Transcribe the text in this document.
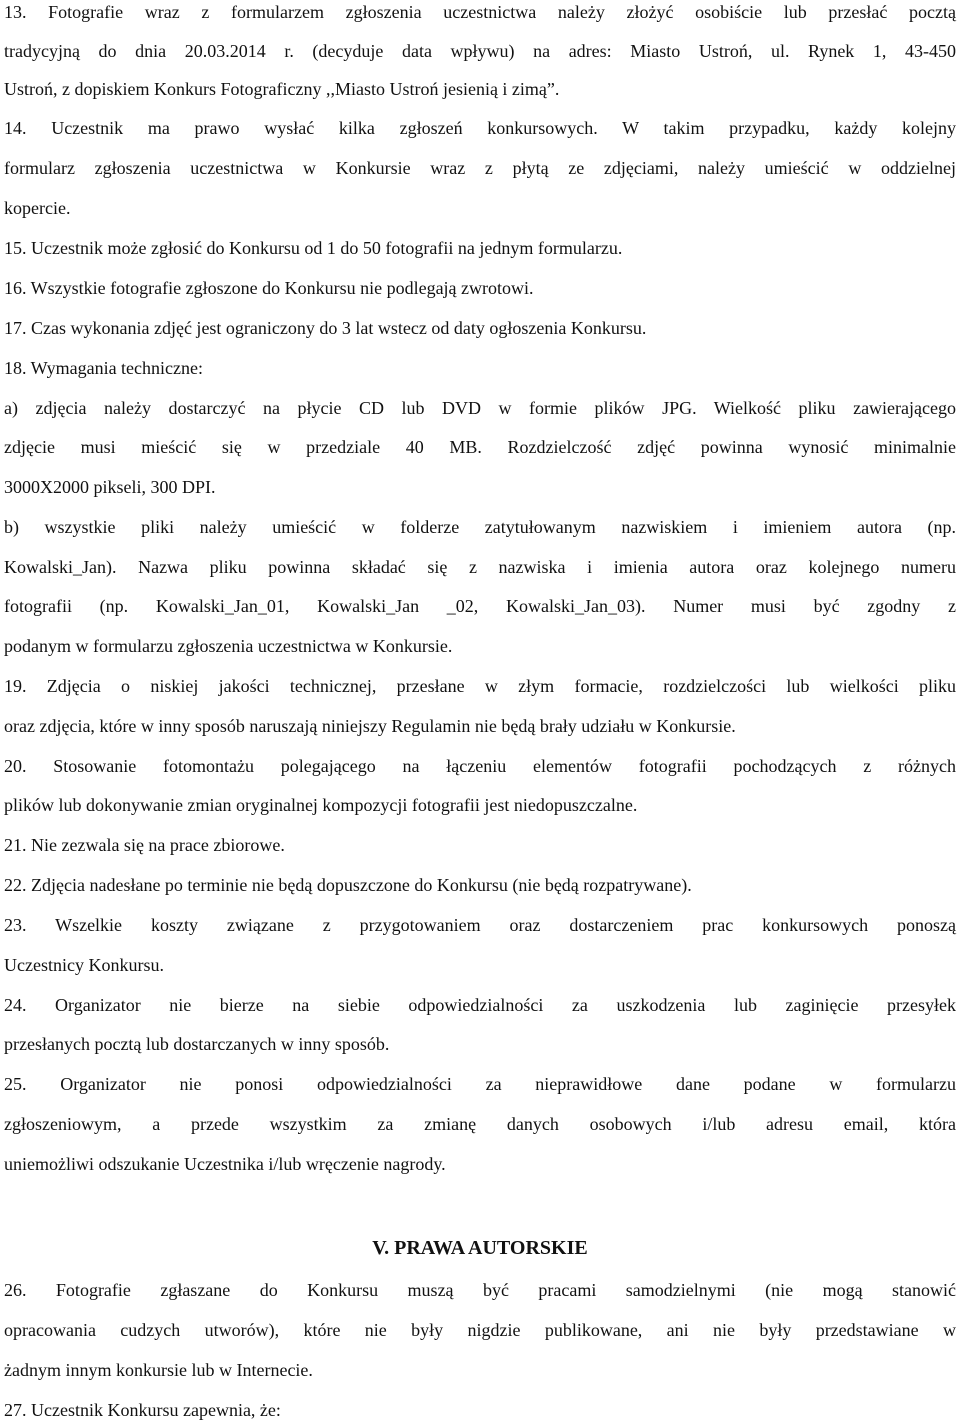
13. Fotografie wraz z formularzem zgłoszenia uczestnictwa należy złożyć osobiście lub przesłać pocztą

tradycyjną do dnia 20.03.2014 r. (decyduje data wpływu) na adres: Miasto Ustroń, ul. Rynek 1, 43-450

Ustroń, z dopiskiem Konkurs Fotograficzny ,,Miasto Ustroń jesienią i zimą”.

14. Uczestnik ma prawo wysłać kilka zgłoszeń konkursowych. W takim przypadku, każdy kolejny

formularz zgłoszenia uczestnictwa w Konkursie wraz z płytą ze zdjęciami, należy umieścić w oddzielnej

kopercie.

15. Uczestnik może zgłosić do Konkursu od 1 do 50 fotografii na jednym formularzu.

16. Wszystkie fotografie zgłoszone do Konkursu nie podlegają zwrotowi.

17. Czas wykonania zdjęć jest ograniczony do 3 lat wstecz od daty ogłoszenia Konkursu.

18. Wymagania techniczne:

a) zdjęcia należy dostarczyć na płycie CD lub DVD w formie plików JPG. Wielkość pliku zawierającego

zdjęcie musi mieścić się w przedziale 40 MB. Rozdzielczość zdjęć powinna wynosić minimalnie

3000X2000 pikseli, 300 DPI.

b) wszystkie pliki należy umieścić w folderze zatytułowanym nazwiskiem i imieniem autora (np.

Kowalski_Jan). Nazwa pliku powinna składać się z nazwiska i imienia autora oraz kolejnego numeru

fotografii (np. Kowalski_Jan_01, Kowalski_Jan _02, Kowalski_Jan_03). Numer musi być zgodny z

podanym w formularzu zgłoszenia uczestnictwa w Konkursie.

19. Zdjęcia o niskiej jakości technicznej, przesłane w złym formacie, rozdzielczości lub wielkości pliku

oraz zdjęcia, które w inny sposób naruszają niniejszy Regulamin nie będą brały udziału w Konkursie.

20. Stosowanie fotomontażu polegającego na łączeniu elementów fotografii pochodzących z różnych

plików lub dokonywanie zmian oryginalnej kompozycji fotografii jest niedopuszczalne.

21. Nie zezwala się na prace zbiorowe.

22. Zdjęcia nadesłane po terminie nie będą dopuszczone do Konkursu (nie będą rozpatrywane).

23. Wszelkie koszty związane z przygotowaniem oraz dostarczeniem prac konkursowych ponoszą

Uczestnicy Konkursu.

24. Organizator nie bierze na siebie odpowiedzialności za uszkodzenia lub zaginięcie przesyłek

przesłanych pocztą lub dostarczanych w inny sposób.

25. Organizator nie ponosi odpowiedzialności za nieprawidłowe dane podane w formularzu

zgłoszeniowym, a przede wszystkim za zmianę danych osobowych i/lub adresu email, która

uniemożliwi odszukanie Uczestnika i/lub wręczenie nagrody.

V. PRAWA AUTORSKIE

26. Fotografie zgłaszane do Konkursu muszą być pracami samodzielnymi (nie mogą stanowić

opracowania cudzych utworów), które nie były nigdzie publikowane, ani nie były przedstawiane w

żadnym innym konkursie lub w Internecie.

27. Uczestnik Konkursu zapewnia, że:
